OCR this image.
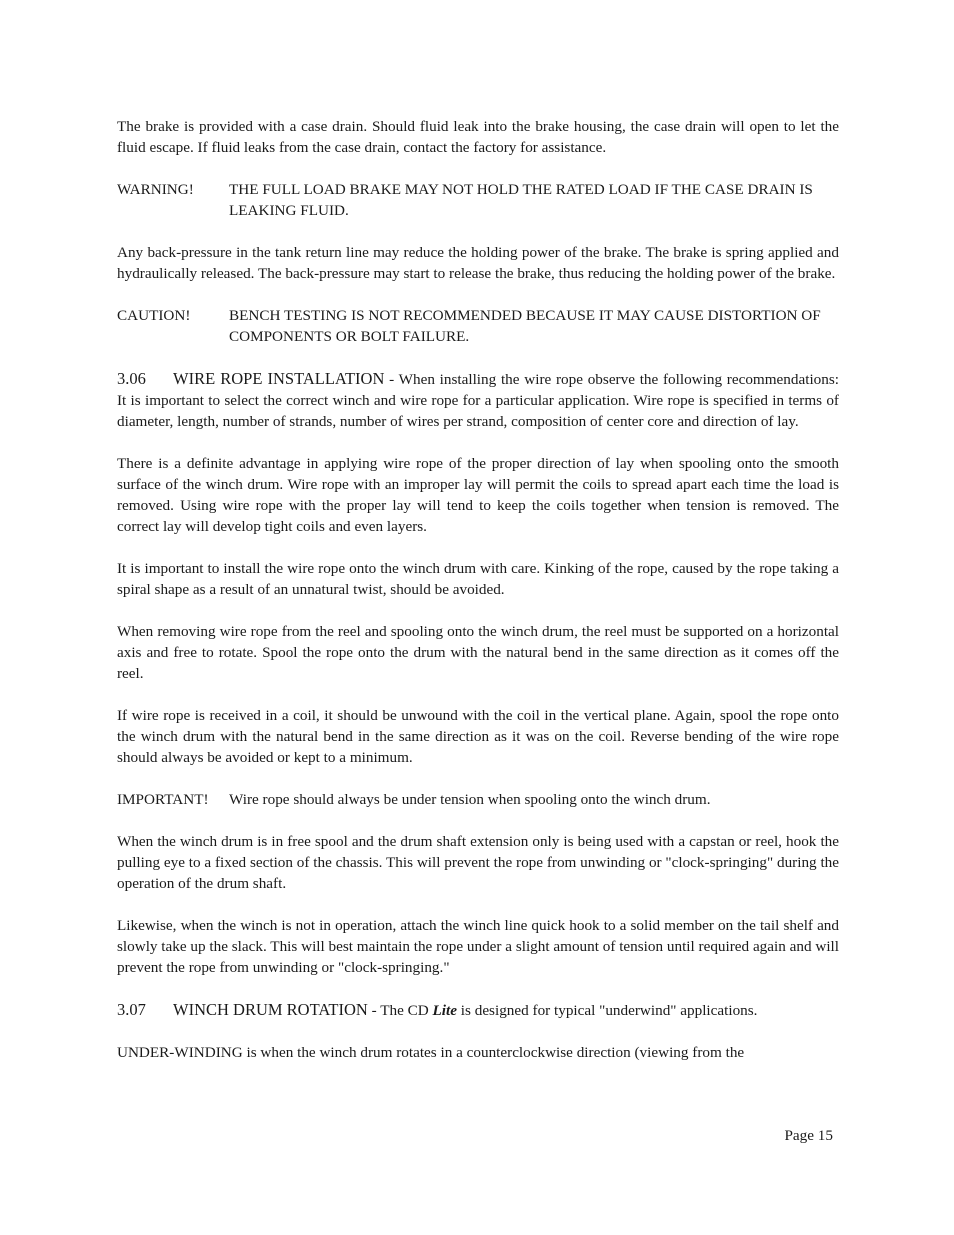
The brake is provided with a case drain. Should fluid leak into the brake housing, the case drain will open to let the fluid escape. If fluid leaks from the case drain, contact the factory for assistance.

WARNING!	THE FULL LOAD BRAKE MAY NOT HOLD THE RATED LOAD IF THE CASE DRAIN IS LEAKING FLUID.

Any back-pressure in the tank return line may reduce the holding power of the brake. The brake is spring applied and hydraulically released. The back-pressure may start to release the brake, thus reducing the holding power of the brake.

CAUTION!	BENCH TESTING IS NOT RECOMMENDED BECAUSE IT MAY CAUSE DISTORTION OF COMPONENTS OR BOLT FAILURE.

3.06 WIRE ROPE INSTALLATION - When installing the wire rope observe the following recommendations: It is important to select the correct winch and wire rope for a particular application. Wire rope is specified in terms of diameter, length, number of strands, number of wires per strand, composition of center core and direction of lay.

There is a definite advantage in applying wire rope of the proper direction of lay when spooling onto the smooth surface of the winch drum. Wire rope with an improper lay will permit the coils to spread apart each time the load is removed. Using wire rope with the proper lay will tend to keep the coils together when tension is removed. The correct lay will develop tight coils and even layers.

It is important to install the wire rope onto the winch drum with care. Kinking of the rope, caused by the rope taking a spiral shape as a result of an unnatural twist, should be avoided.

When removing wire rope from the reel and spooling onto the winch drum, the reel must be supported on a horizontal axis and free to rotate. Spool the rope onto the drum with the natural bend in the same direction as it comes off the reel.

If wire rope is received in a coil, it should be unwound with the coil in the vertical plane. Again, spool the rope onto the winch drum with the natural bend in the same direction as it was on the coil. Reverse bending of the wire rope should always be avoided or kept to a minimum.

IMPORTANT!	Wire rope should always be under tension when spooling onto the winch drum.

When the winch drum is in free spool and the drum shaft extension only is being used with a capstan or reel, hook the pulling eye to a fixed section of the chassis. This will prevent the rope from unwinding or "clock-springing" during the operation of the drum shaft.

Likewise, when the winch is not in operation, attach the winch line quick hook to a solid member on the tail shelf and slowly take up the slack. This will best maintain the rope under a slight amount of tension until required again and will prevent the rope from unwinding or "clock-springing."

3.07 WINCH DRUM ROTATION - The CD Lite is designed for typical "underwind" applications.

UNDER-WINDING is when the winch drum rotates in a counterclockwise direction (viewing from the

Page 15
